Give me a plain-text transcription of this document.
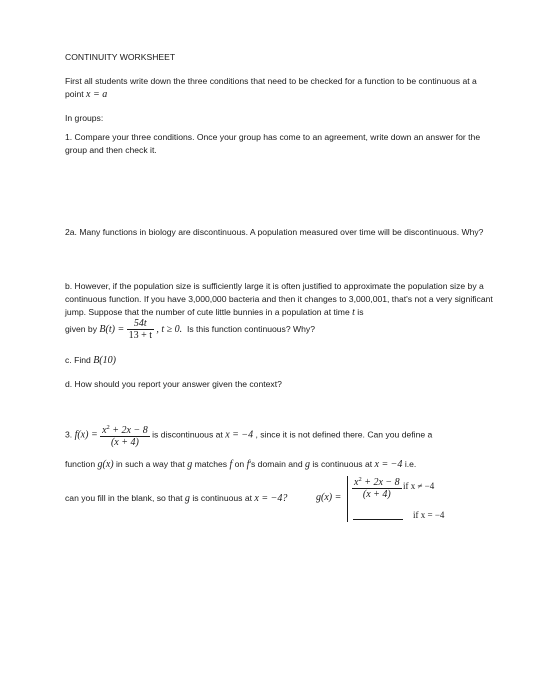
CONTINUITY WORKSHEET
First all students write down the three conditions that need to be checked for a function to be continuous at a point x = a
In groups:
1. Compare your three conditions. Once your group has come to an agreement, write down an answer for the group and then check it.
2a. Many functions in biology are discontinuous. A population measured over time will be discontinuous. Why?
b. However, if the population size is sufficiently large it is often justified to approximate the population size by a continuous function. If you have 3,000,000 bacteria and then it changes to 3,000,001, that's not a very significant jump. Suppose that the number of cute little bunnies in a population at time t is
given by $B(t) = \frac{54t}{13 + t}$ , t ≥ 0. Is this function continuous? Why?
c. Find B(10)
d. How should you report your answer given the context?
3. $f(x) = \frac{x^2 + 2x - 8}{(x + 4)}$ is discontinuous at x = −4 , since it is not defined there. Can you define a
function g(x) in such a way that g matches f on f's domain and g is continuous at x = −4 i.e.
can you fill in the blank, so that g is continuous at x = −4?	$g(x) = \frac{x^2 + 2x - 8}{(x + 4)}$ if x ≠ −4
if x = −4
